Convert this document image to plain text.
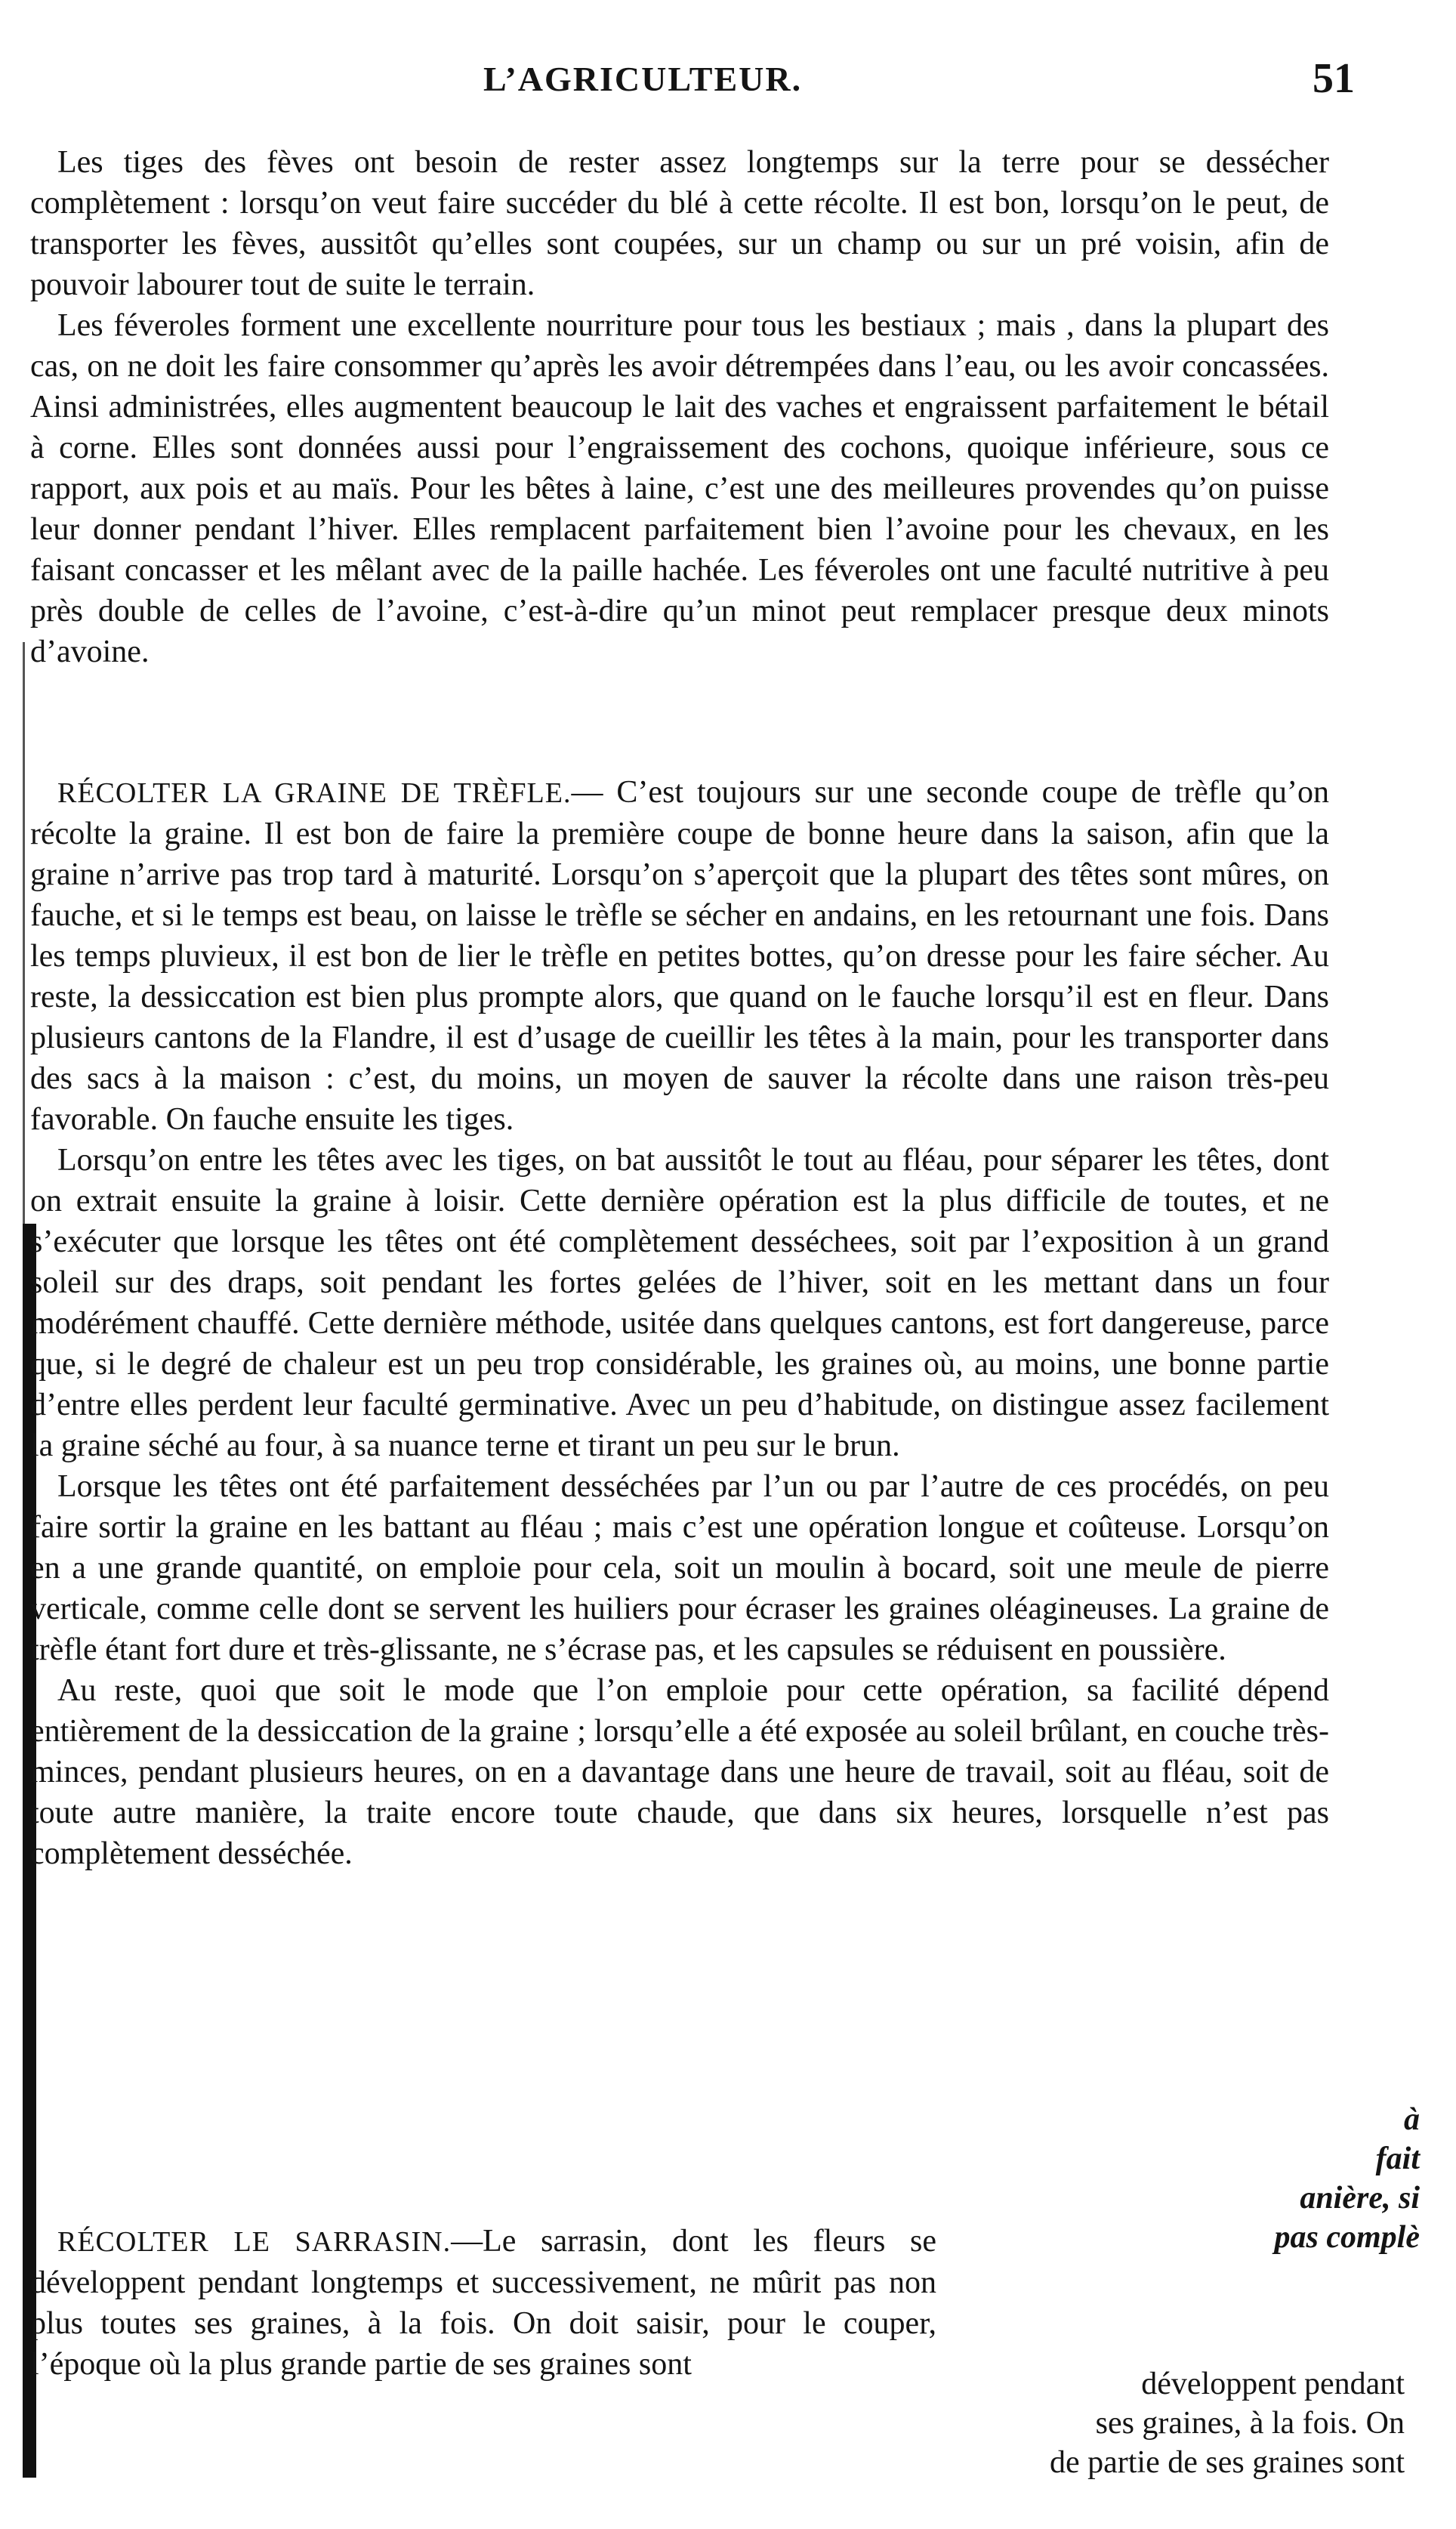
L’AGRICULTEUR.	51

Les tiges des fèves ont besoin de rester assez longtemps sur la terre pour se dessécher complètement : lorsqu’on veut faire succéder du blé à cette récolte. Il est bon, lorsqu’on le peut, de transporter les fèves, aussitôt qu’elles sont coupées, sur un champ ou sur un pré voisin, afin de pouvoir labourer tout de suite le terrain.

Les féveroles forment une excellente nourriture pour tous les bestiaux ; mais , dans la plupart des cas, on ne doit les faire consommer qu’après les avoir détrempées dans l’eau, ou les avoir concassées. Ainsi administrées, elles augmentent beaucoup le lait des vaches et engraissent parfaitement le bétail à corne. Elles sont données aussi pour l’engraissement des cochons, quoique inférieure, sous ce rapport, aux pois et au maïs. Pour les bêtes à laine, c’est une des meilleures provendes qu’on puisse leur donner pendant l’hiver. Elles remplacent parfaitement bien l’avoine pour les chevaux, en les faisant concasser et les mêlant avec de la paille hachée. Les féveroles ont une faculté nutritive à peu près double de celles de l’avoine, c’est-à-dire qu’un minot peut remplacer presque deux minots d’avoine.

RÉCOLTER LA GRAINE DE TRÈFLE.— C’est toujours sur une seconde coupe de trèfle qu’on récolte la graine. Il est bon de faire la première coupe de bonne heure dans la saison, afin que la graine n’arrive pas trop tard à maturité. Lorsqu’on s’aperçoit que la plupart des têtes sont mûres, on fauche, et si le temps est beau, on laisse le trèfle se sécher en andains, en les retournant une fois. Dans les temps pluvieux, il est bon de lier le trèfle en petites bottes, qu’on dresse pour les faire sécher. Au reste, la dessiccation est bien plus prompte alors, que quand on le fauche lorsqu’il est en fleur. Dans plusieurs cantons de la Flandre, il est d’usage de cueillir les têtes à la main, pour les transporter dans des sacs à la maison : c’est, du moins, un moyen de sauver la récolte dans une raison très-peu favorable. On fauche ensuite les tiges.

Lorsqu’on entre les têtes avec les tiges, on bat aussitôt le tout au fléau, pour séparer les têtes, dont on extrait ensuite la graine à loisir. Cette dernière opération est la plus difficile de toutes, et ne s’exécuter que lorsque les têtes ont été complètement desséchees, soit par l’exposition à un grand soleil sur des draps, soit pendant les fortes gelées de l’hiver, soit en les mettant dans un four modérément chauffé. Cette dernière méthode, usitée dans quelques cantons, est fort dangereuse, parce que, si le degré de chaleur est un peu trop considérable, les graines où, au moins, une bonne partie d’entre elles perdent leur faculté germinative. Avec un peu d’habitude, on distingue assez facilement la graine séché au four, à sa nuance terne et tirant un peu sur le brun.

Lorsque les têtes ont été parfaitement desséchées par l’un ou par l’autre de ces procédés, on peu faire sortir la graine en les battant au fléau ; mais c’est une opération longue et coûteuse. Lorsqu’on en a une grande quantité, on emploie pour cela, soit un moulin à bocard, soit une meule de pierre verticale, comme celle dont se servent les huiliers pour écraser les graines oléagineuses. La graine de trèfle étant fort dure et très-glissante, ne s’écrase pas, et les capsules se réduisent en poussière.

Au reste, quoi que soit le mode que l’on emploie pour cette opération, sa facilité dépend entièrement de la dessiccation de la graine ; lorsqu’elle a été exposée au soleil brûlant, en couche très-minces, pendant plusieurs heures, on en a davantage dans une heure de travail, soit au fléau, soit de toute autre manière, la traite encore toute chaude, que dans six heures, lorsquelle n’est pas complètement desséchée.

RÉCOLTER LE SARRASIN.—Le sarrasin, dont les fleurs se développent pendant longtemps et successivement, ne mûrit pas non plus toutes ses graines, à la fois. On doit saisir, pour le couper, l’époque où la plus grande partie de ses graines sont

à
fait
anière, si
pas complè
développent pendant
ses graines, à la fois. On
de partie de ses graines sont
